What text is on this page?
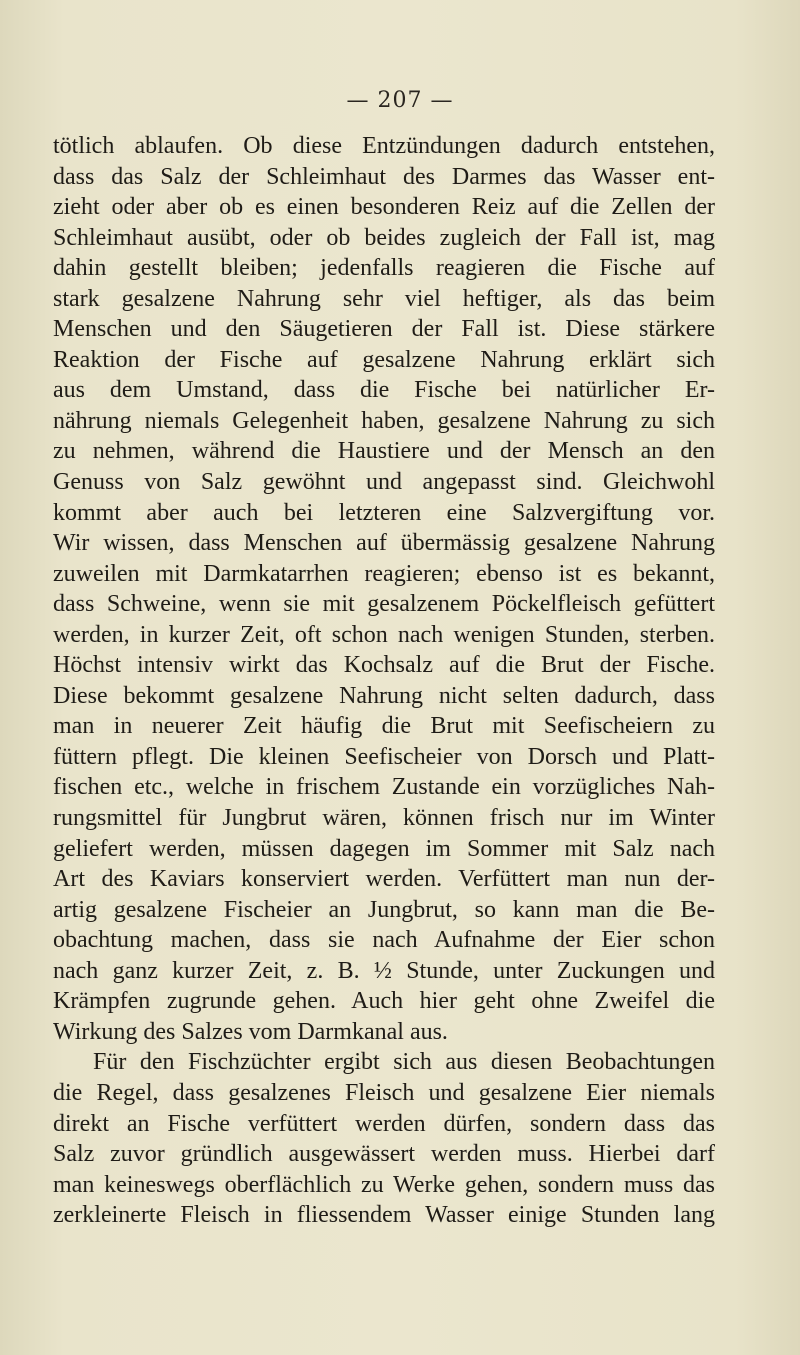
— 207 —
tötlich ablaufen. Ob diese Entzündungen dadurch entstehen,
dass das Salz der Schleimhaut des Darmes das Wasser ent-
zieht oder aber ob es einen besonderen Reiz auf die Zellen der
Schleimhaut ausübt, oder ob beides zugleich der Fall ist, mag
dahin gestellt bleiben; jedenfalls reagieren die Fische auf
stark gesalzene Nahrung sehr viel heftiger, als das beim
Menschen und den Säugetieren der Fall ist. Diese stärkere
Reaktion der Fische auf gesalzene Nahrung erklärt sich
aus dem Umstand, dass die Fische bei natürlicher Er-
nährung niemals Gelegenheit haben, gesalzene Nahrung zu sich
zu nehmen, während die Haustiere und der Mensch an den
Genuss von Salz gewöhnt und angepasst sind. Gleichwohl
kommt aber auch bei letzteren eine Salzvergiftung vor.
Wir wissen, dass Menschen auf übermässig gesalzene Nahrung
zuweilen mit Darmkatarrhen reagieren; ebenso ist es bekannt,
dass Schweine, wenn sie mit gesalzenem Pöckelfleisch gefüttert
werden, in kurzer Zeit, oft schon nach wenigen Stunden, sterben.
Höchst intensiv wirkt das Kochsalz auf die Brut der Fische.
Diese bekommt gesalzene Nahrung nicht selten dadurch, dass
man in neuerer Zeit häufig die Brut mit Seefischeiern zu
füttern pflegt. Die kleinen Seefischeier von Dorsch und Platt-
fischen etc., welche in frischem Zustande ein vorzügliches Nah-
rungsmittel für Jungbrut wären, können frisch nur im Winter
geliefert werden, müssen dagegen im Sommer mit Salz nach
Art des Kaviars konserviert werden. Verfüttert man nun der-
artig gesalzene Fischeier an Jungbrut, so kann man die Be-
obachtung machen, dass sie nach Aufnahme der Eier schon
nach ganz kurzer Zeit, z. B. ½ Stunde, unter Zuckungen und
Krämpfen zugrunde gehen. Auch hier geht ohne Zweifel die
Wirkung des Salzes vom Darmkanal aus.
Für den Fischzüchter ergibt sich aus diesen Beobachtungen
die Regel, dass gesalzenes Fleisch und gesalzene Eier niemals
direkt an Fische verfüttert werden dürfen, sondern dass das
Salz zuvor gründlich ausgewässert werden muss. Hierbei darf
man keineswegs oberflächlich zu Werke gehen, sondern muss das
zerkleinerte Fleisch in fliessendem Wasser einige Stunden lang
